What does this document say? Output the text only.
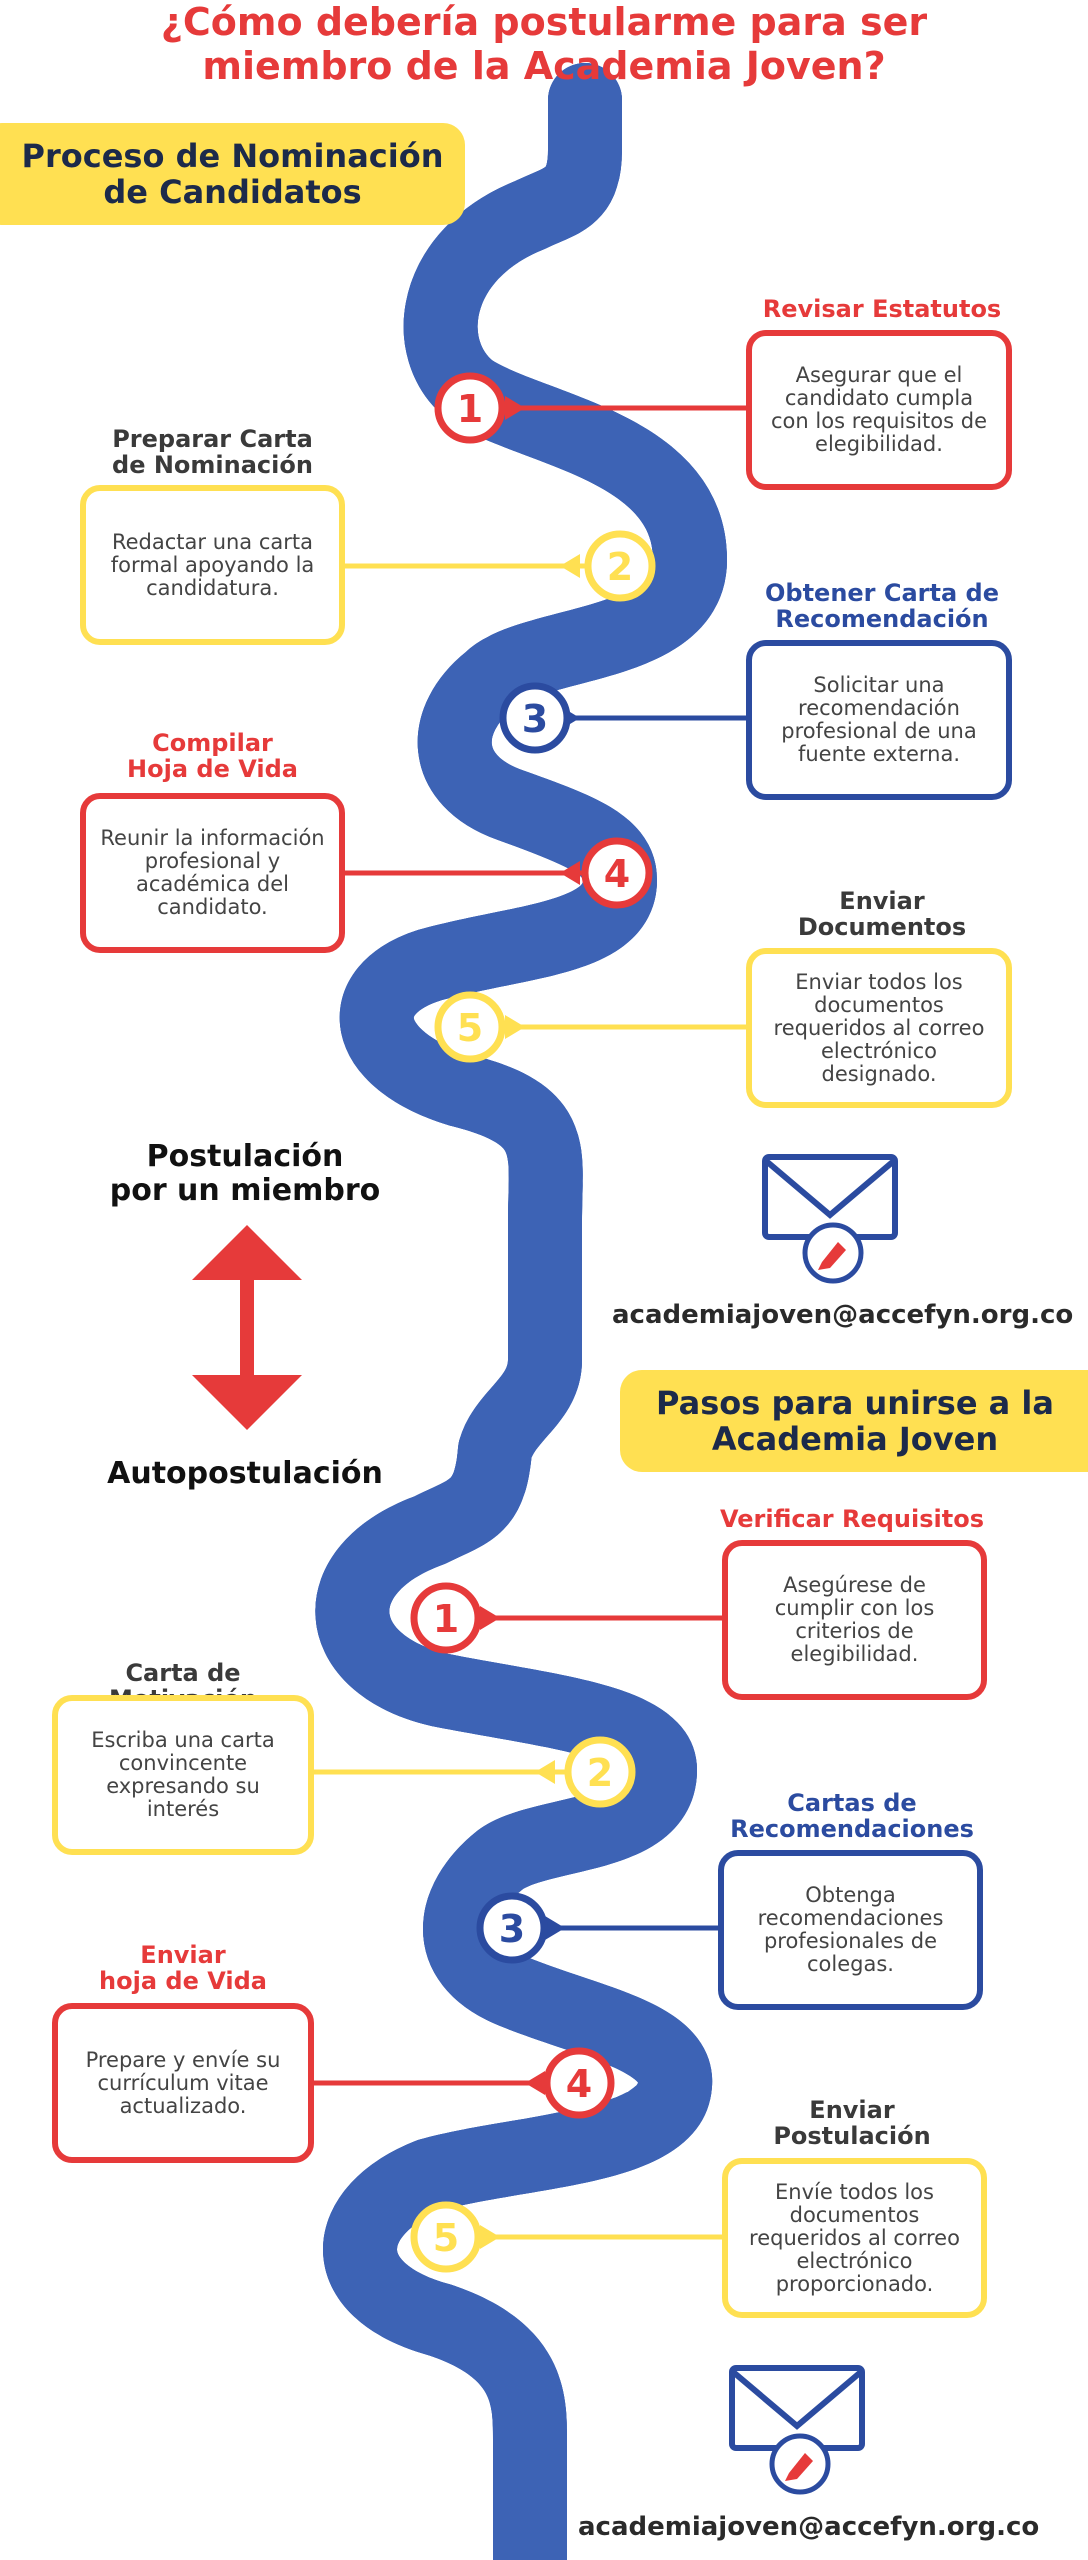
1
2
3
4
5
1
2
3
4
5
¿Cómo debería postularme para ser
miembro de la Academia Joven?
Proceso de Nominación
de Candidatos
Revisar Estatutos
Asegurar que el candidato cumpla con los requisitos de elegibilidad.
Preparar Carta
de Nominación
Redactar una carta formal apoyando la candidatura.	Obtener Carta de
Recomendación
Solicitar una recomendación profesional de una fuente externa.
Compilar
Hoja de Vida
Reunir la información profesional y académica del candidato.	Enviar
Documentos
Enviar todos los documentos requeridos al correo electrónico designado.
Postulación
por un miembro
Autopostulación
academiajoven@accefyn.org.co
Pasos para unirse a la
Academia Joven
Verificar Requisitos
Asegúrese de cumplir con los criterios de elegibilidad.
Carta de
Escriba una carta convincente expresando su interés	Cartas de
Recomendaciones
Obtenga recomendaciones profesionales de colegas.
Enviar
hoja de Vida
Prepare y envíe su currículum vitae actualizado.	Enviar
Postulación
Envíe todos los documentos requeridos al correo electrónico proporcionado.
academiajoven@accefyn.org.co
